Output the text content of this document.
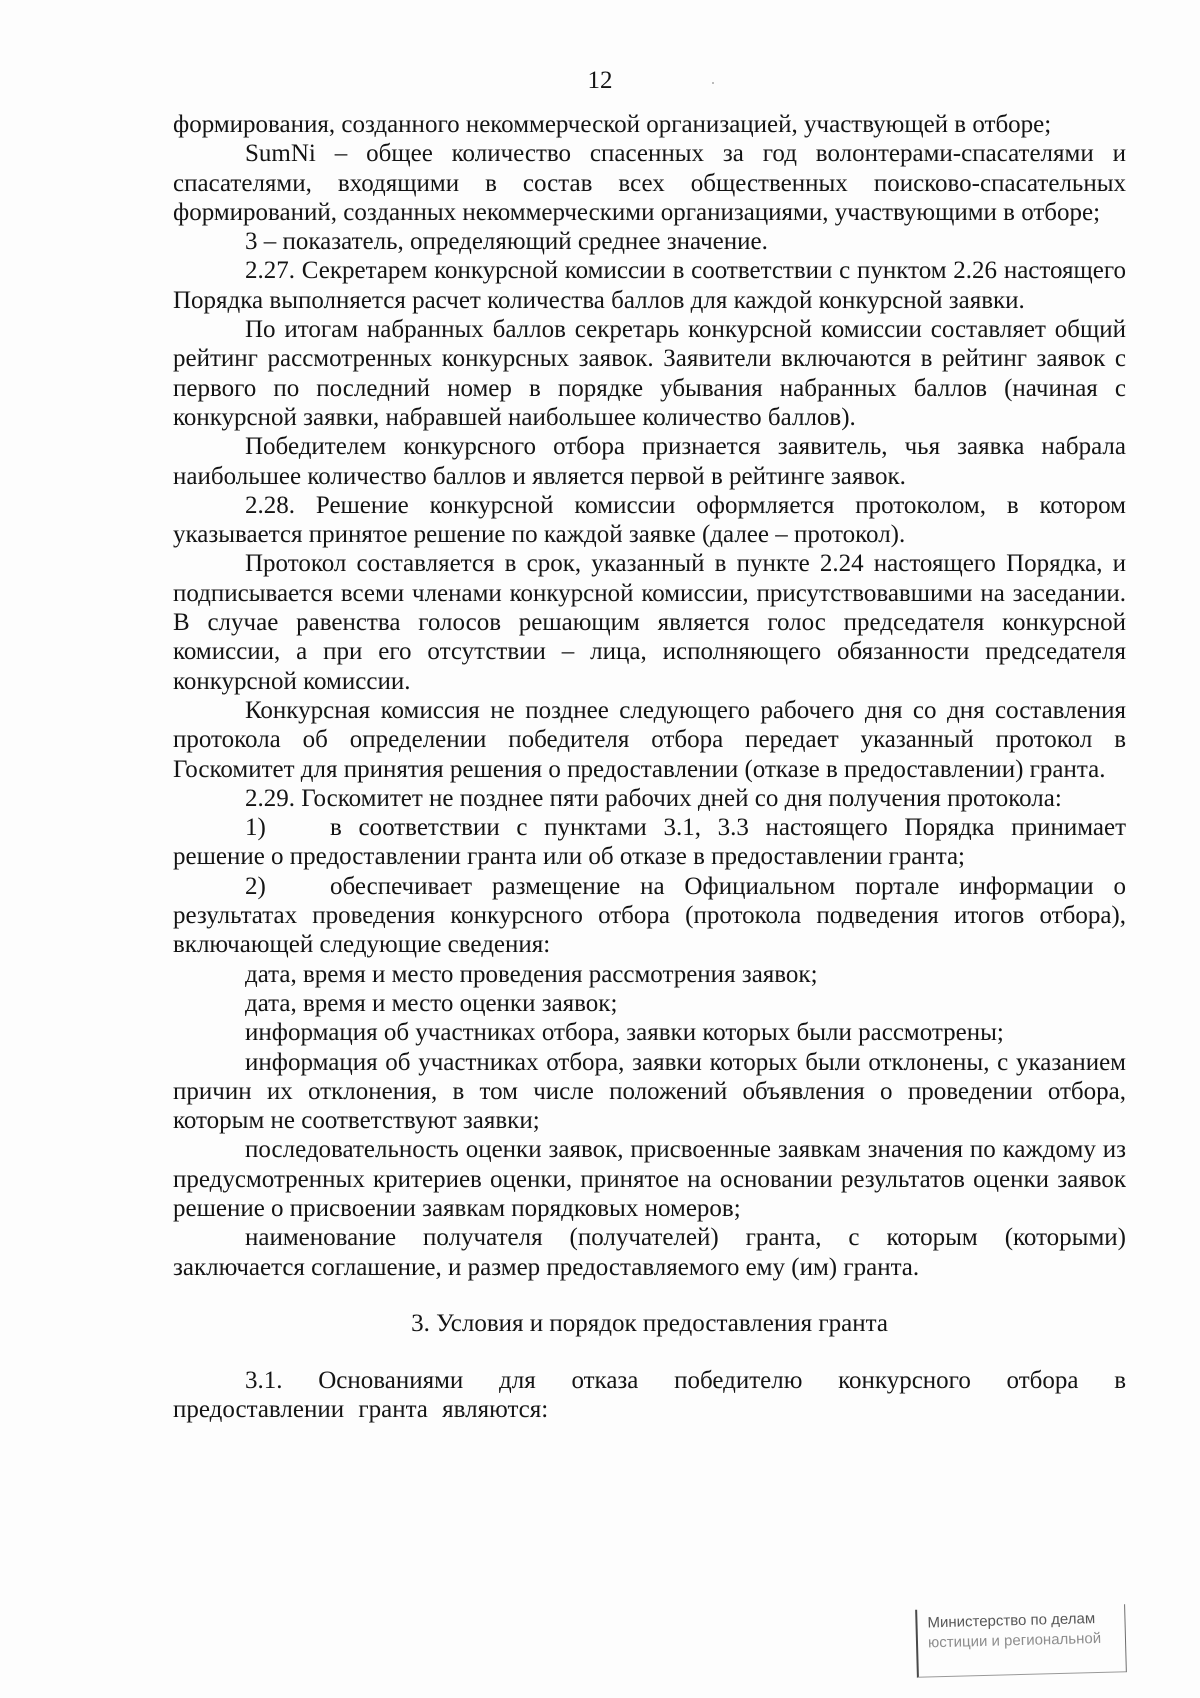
12

формирования, созданного некоммерческой организацией, участвующей в отборе;

SumNi – общее количество спасенных за год волонтерами-спасателями и спасателями, входящими в состав всех общественных поисково-спасательных формирований, созданных некоммерческими организациями, участвующими в отборе;

3 – показатель, определяющий среднее значение.

2.27. Секретарем конкурсной комиссии в соответствии с пунктом 2.26 настоящего Порядка выполняется расчет количества баллов для каждой конкурсной заявки.

По итогам набранных баллов секретарь конкурсной комиссии составляет общий рейтинг рассмотренных конкурсных заявок. Заявители включаются в рейтинг заявок с первого по последний номер в порядке убывания набранных баллов (начиная с конкурсной заявки, набравшей наибольшее количество баллов).

Победителем конкурсного отбора признается заявитель, чья заявка набрала наибольшее количество баллов и является первой в рейтинге заявок.

2.28. Решение конкурсной комиссии оформляется протоколом, в котором указывается принятое решение по каждой заявке (далее – протокол).

Протокол составляется в срок, указанный в пункте 2.24 настоящего Порядка, и подписывается всеми членами конкурсной комиссии, присутствовавшими на заседании. В случае равенства голосов решающим является голос председателя конкурсной комиссии, а при его отсутствии – лица, исполняющего обязанности председателя конкурсной комиссии.

Конкурсная комиссия не позднее следующего рабочего дня со дня составления протокола об определении победителя отбора передает указанный протокол в Госкомитет для принятия решения о предоставлении (отказе в предоставлении) гранта.

2.29. Госкомитет не позднее пяти рабочих дней со дня получения протокола:

1)	в соответствии с пунктами 3.1, 3.3 настоящего Порядка принимает решение о предоставлении гранта или об отказе в предоставлении гранта;

2)	обеспечивает размещение на Официальном портале информации о результатах проведения конкурсного отбора (протокола подведения итогов отбора), включающей следующие сведения:

дата, время и место проведения рассмотрения заявок;

дата, время и место оценки заявок;

информация об участниках отбора, заявки которых были рассмотрены;

информация об участниках отбора, заявки которых были отклонены, с указанием причин их отклонения, в том числе положений объявления о проведении отбора, которым не соответствуют заявки;

последовательность оценки заявок, присвоенные заявкам значения по каждому из предусмотренных критериев оценки, принятое на основании результатов оценки заявок решение о присвоении заявкам порядковых номеров;

наименование получателя (получателей) гранта, с которым (которыми) заключается соглашение, и размер предоставляемого ему (им) гранта.

3. Условия и порядок предоставления гранта

3.1. Основаниями для отказа победителю конкурсного отбора в предоставлении гранта являются:

Министерство по делам
юстиции и региональной
